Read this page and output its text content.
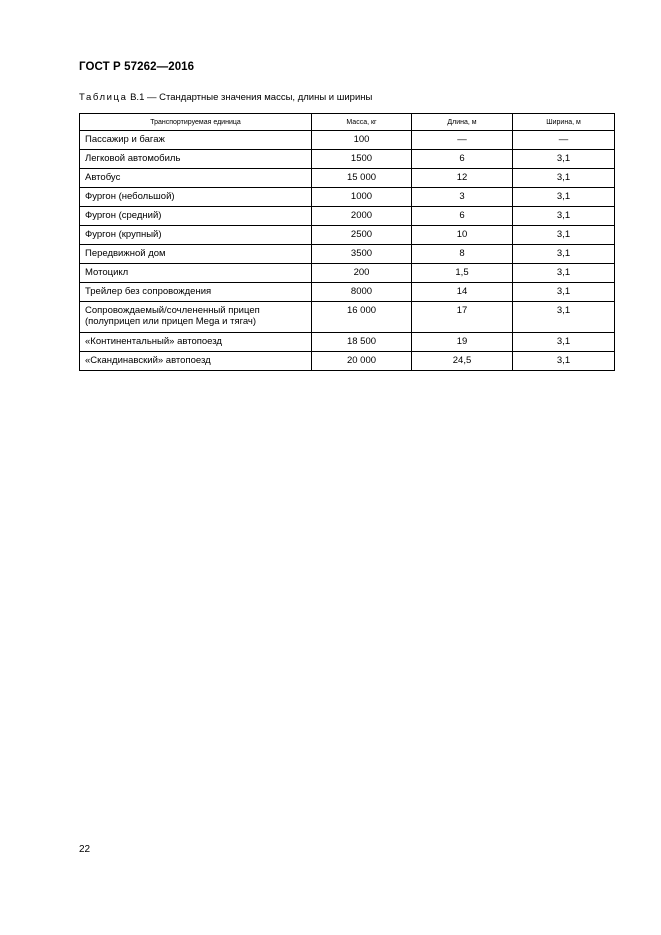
ГОСТ Р 57262—2016
Таблица В.1 — Стандартные значения массы, длины и ширины
Транспортируемая единица	Масса, кг	Длина, м	Ширина, м
Пассажир и багаж	100	—	—
Легковой автомобиль	1500	6	3,1
Автобус	15 000	12	3,1
Фургон (небольшой)	1000	3	3,1
Фургон (средний)	2000	6	3,1
Фургон (крупный)	2500	10	3,1
Передвижной дом	3500	8	3,1
Мотоцикл	200	1,5	3,1
Трейлер без сопровождения	8000	14	3,1
Сопровождаемый/сочлененный прицеп (полуприцеп или прицеп Mega и тягач)	16 000	17	3,1
«Континентальный» автопоезд	18 500	19	3,1
«Скандинавский» автопоезд	20 000	24,5	3,1
22
